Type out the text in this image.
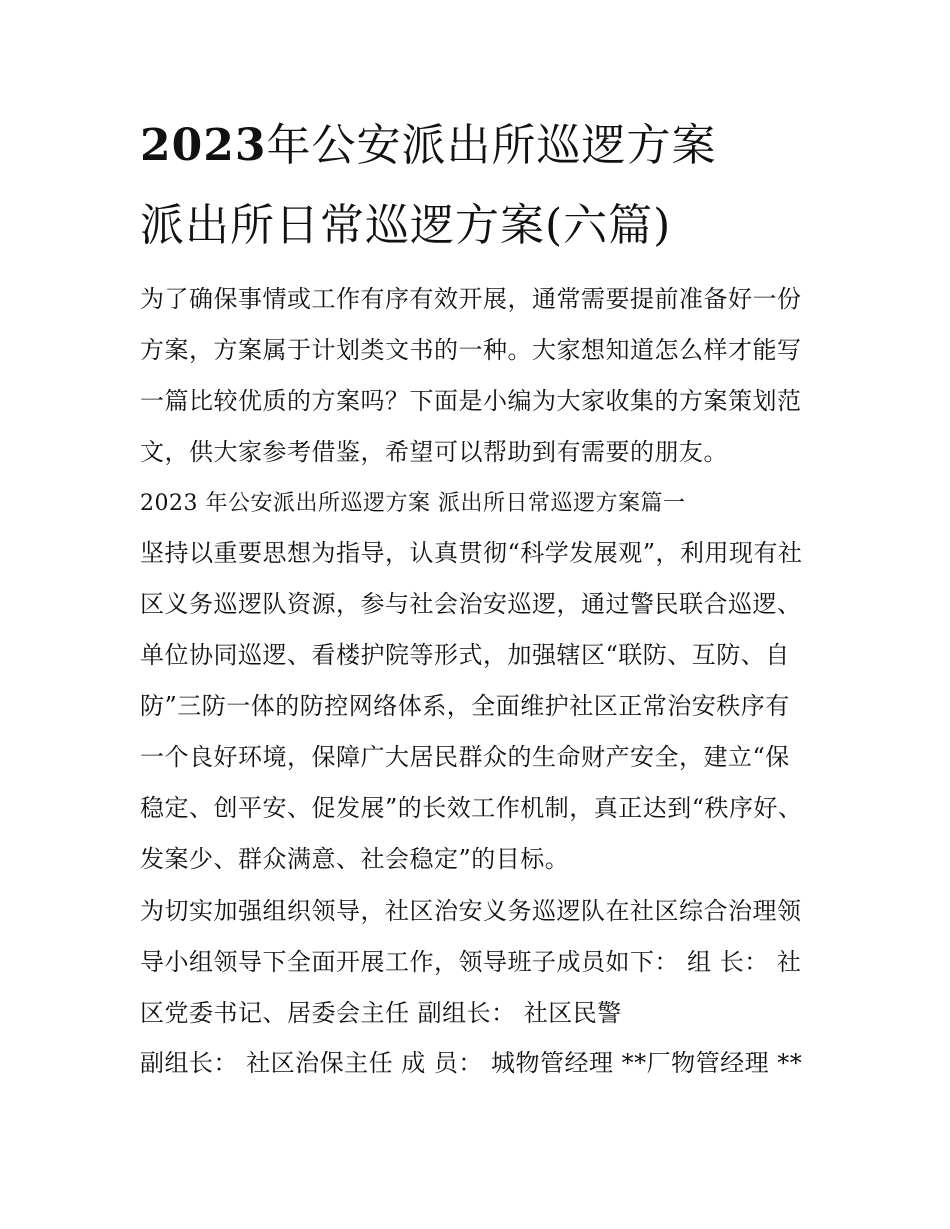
2023年公安派出所巡逻方案
派出所日常巡逻方案(六篇)
为了确保事情或工作有序有效开展，通常需要提前准备好一份
方案，方案属于计划类文书的一种。大家想知道怎么样才能写
一篇比较优质的方案吗？下面是小编为大家收集的方案策划范
文，供大家参考借鉴，希望可以帮助到有需要的朋友。
2023 年公安派出所巡逻方案 派出所日常巡逻方案篇一
坚持以重要思想为指导，认真贯彻“科学发展观”，利用现有社
区义务巡逻队资源，参与社会治安巡逻，通过警民联合巡逻、
单位协同巡逻、看楼护院等形式，加强辖区“联防、互防、自
防”三防一体的防控网络体系，全面维护社区正常治安秩序有
一个良好环境，保障广大居民群众的生命财产安全，建立“保
稳定、创平安、促发展”的长效工作机制，真正达到“秩序好、
发案少、群众满意、社会稳定”的目标。
为切实加强组织领导，社区治安义务巡逻队在社区综合治理领
导小组领导下全面开展工作，领导班子成员如下： 组 长： 社
区党委书记、居委会主任 副组长： 社区民警
副组长： 社区治保主任 成 员： 城物管经理 **厂物管经理 **
